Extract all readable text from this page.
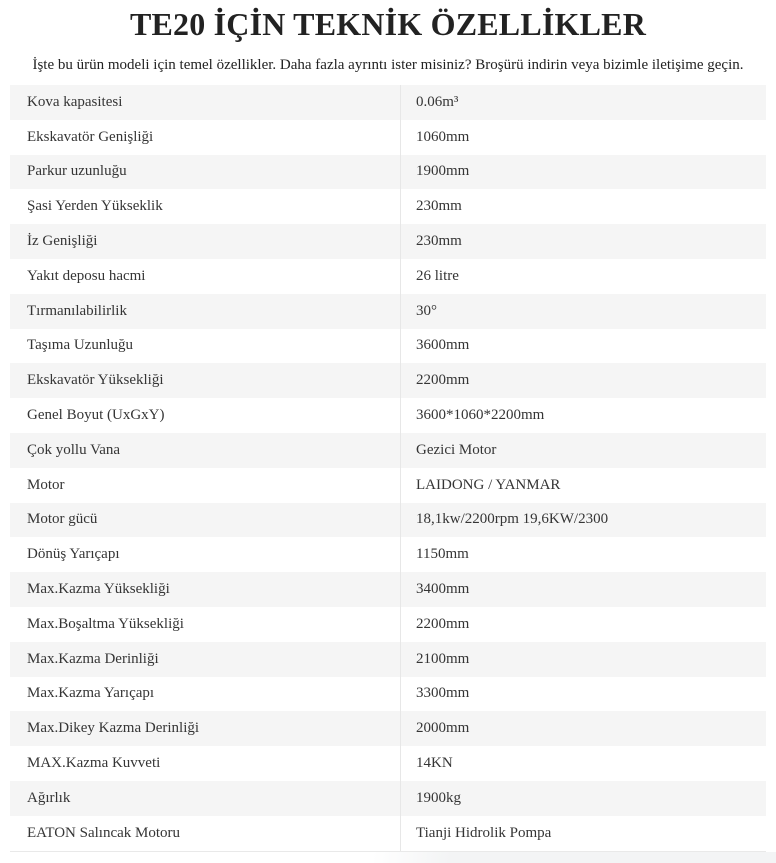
TE20 İÇİN TEKNİK ÖZELLİKLER

İşte bu ürün modeli için temel özellikler. Daha fazla ayrıntı ister misiniz? Broşürü indirin veya bizimle iletişime geçin.

Kova kapasitesi	0.06m³
Ekskavatör Genişliği	1060mm
Parkur uzunluğu	1900mm
Şasi Yerden Yükseklik	230mm
İz Genişliği	230mm
Yakıt deposu hacmi	26 litre
Tırmanılabilirlik	30°
Taşıma Uzunluğu	3600mm
Ekskavatör Yüksekliği	2200mm
Genel Boyut (UxGxY)	3600*1060*2200mm
Çok yollu Vana	Gezici Motor
Motor	LAIDONG / YANMAR
Motor gücü	18,1kw/2200rpm 19,6KW/2300
Dönüş Yarıçapı	1150mm
Max.Kazma Yüksekliği	3400mm
Max.Boşaltma Yüksekliği	2200mm
Max.Kazma Derinliği	2100mm
Max.Kazma Yarıçapı	3300mm
Max.Dikey Kazma Derinliği	2000mm
MAX.Kazma Kuvveti	14KN
Ağırlık	1900kg
EATON Salıncak Motoru	Tianji Hidrolik Pompa
